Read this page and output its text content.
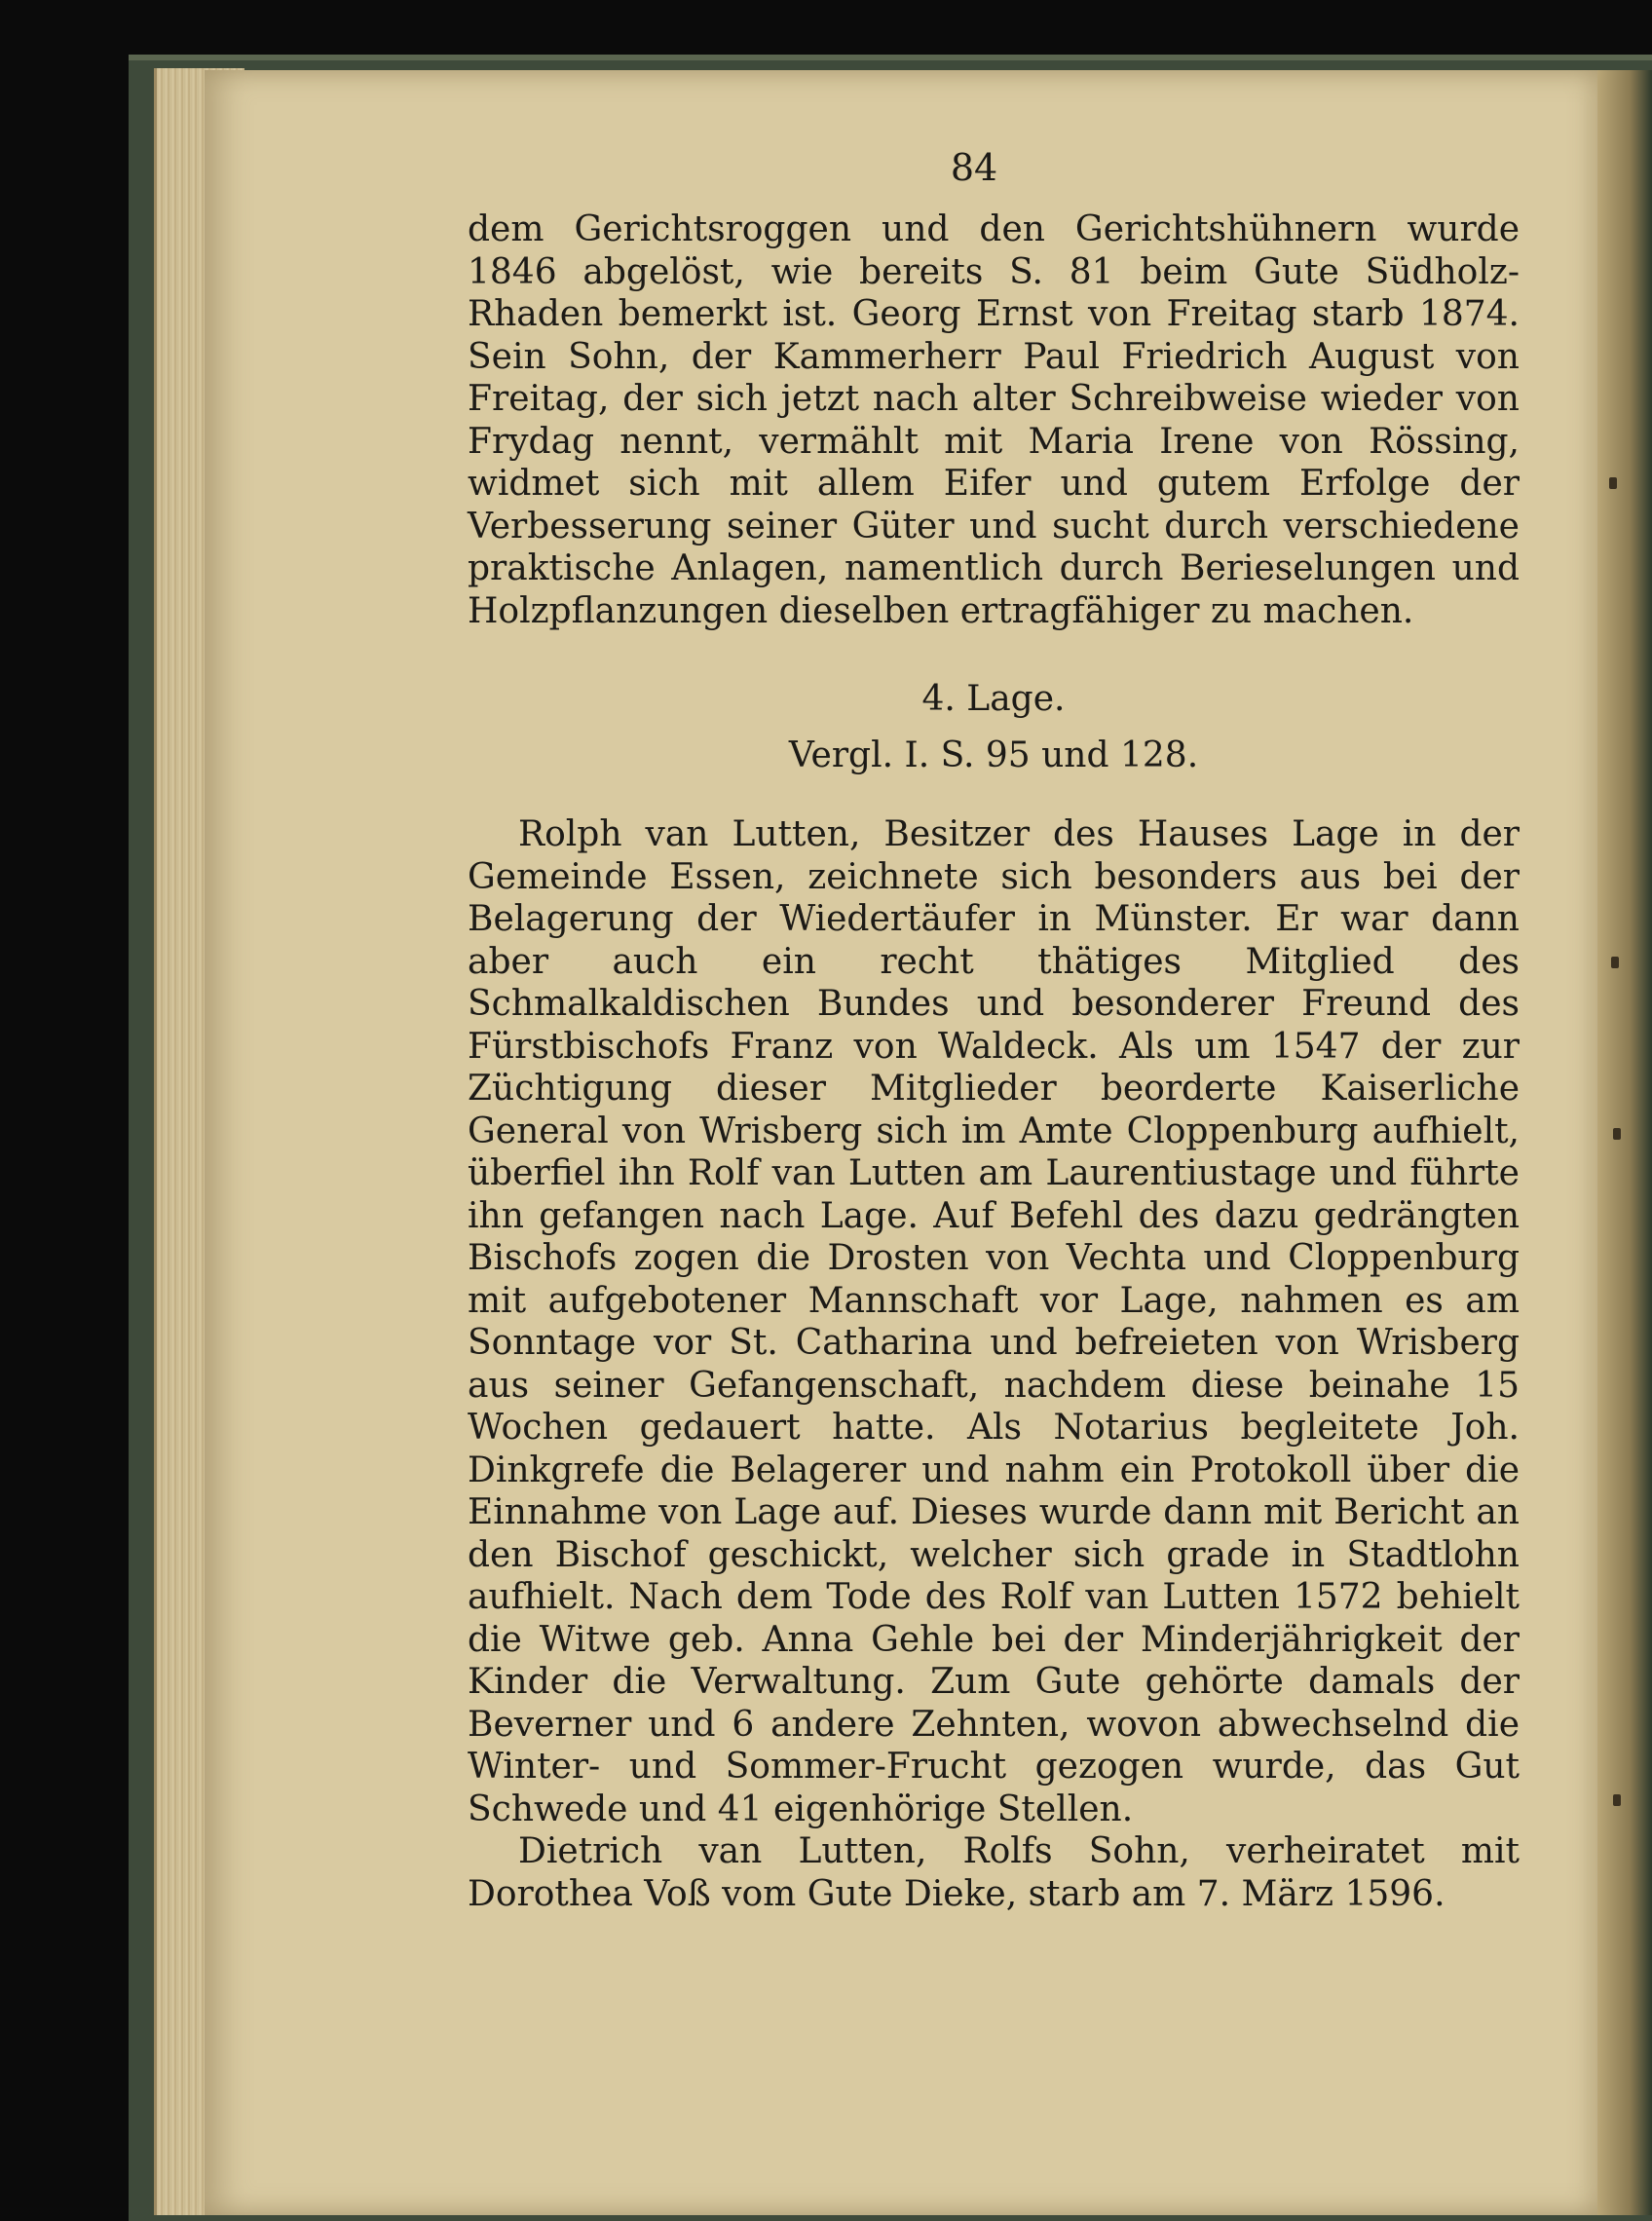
84

dem Gerichtsroggen und den Gerichtshühnern wurde 1846 abgelöst, wie bereits S. 81 beim Gute Südholz-Rhaden bemerkt ist. Georg Ernst von Freitag starb 1874. Sein Sohn, der Kammerherr Paul Friedrich August von Freitag, der sich jetzt nach alter Schreibweise wieder von Frydag nennt, vermählt mit Maria Irene von Rössing, widmet sich mit allem Eifer und gutem Erfolge der Verbesserung seiner Güter und sucht durch verschiedene praktische Anlagen, namentlich durch Berieselungen und Holzpflanzungen dieselben ertragfähiger zu machen.

4. Lage.

Vergl. I. S. 95 und 128.

Rolph van Lutten, Besitzer des Hauses Lage in der Gemeinde Essen, zeichnete sich besonders aus bei der Belagerung der Wiedertäufer in Münster. Er war dann aber auch ein recht thätiges Mitglied des Schmalkaldischen Bundes und besonderer Freund des Fürstbischofs Franz von Waldeck. Als um 1547 der zur Züchtigung dieser Mitglieder beorderte Kaiserliche General von Wrisberg sich im Amte Cloppenburg aufhielt, überfiel ihn Rolf van Lutten am Laurentiustage und führte ihn gefangen nach Lage. Auf Befehl des dazu gedrängten Bischofs zogen die Drosten von Vechta und Cloppenburg mit aufgebotener Mannschaft vor Lage, nahmen es am Sonntage vor St. Catharina und befreieten von Wrisberg aus seiner Gefangenschaft, nachdem diese beinahe 15 Wochen gedauert hatte. Als Notarius begleitete Joh. Dinkgrefe die Belagerer und nahm ein Protokoll über die Einnahme von Lage auf. Dieses wurde dann mit Bericht an den Bischof geschickt, welcher sich grade in Stadtlohn aufhielt. Nach dem Tode des Rolf van Lutten 1572 behielt die Witwe geb. Anna Gehle bei der Minderjährigkeit der Kinder die Verwaltung. Zum Gute gehörte damals der Beverner und 6 andere Zehnten, wovon abwechselnd die Winter- und Sommer-Frucht gezogen wurde, das Gut Schwede und 41 eigenhörige Stellen.

Dietrich van Lutten, Rolfs Sohn, verheiratet mit Dorothea Voß vom Gute Dieke, starb am 7. März 1596.
